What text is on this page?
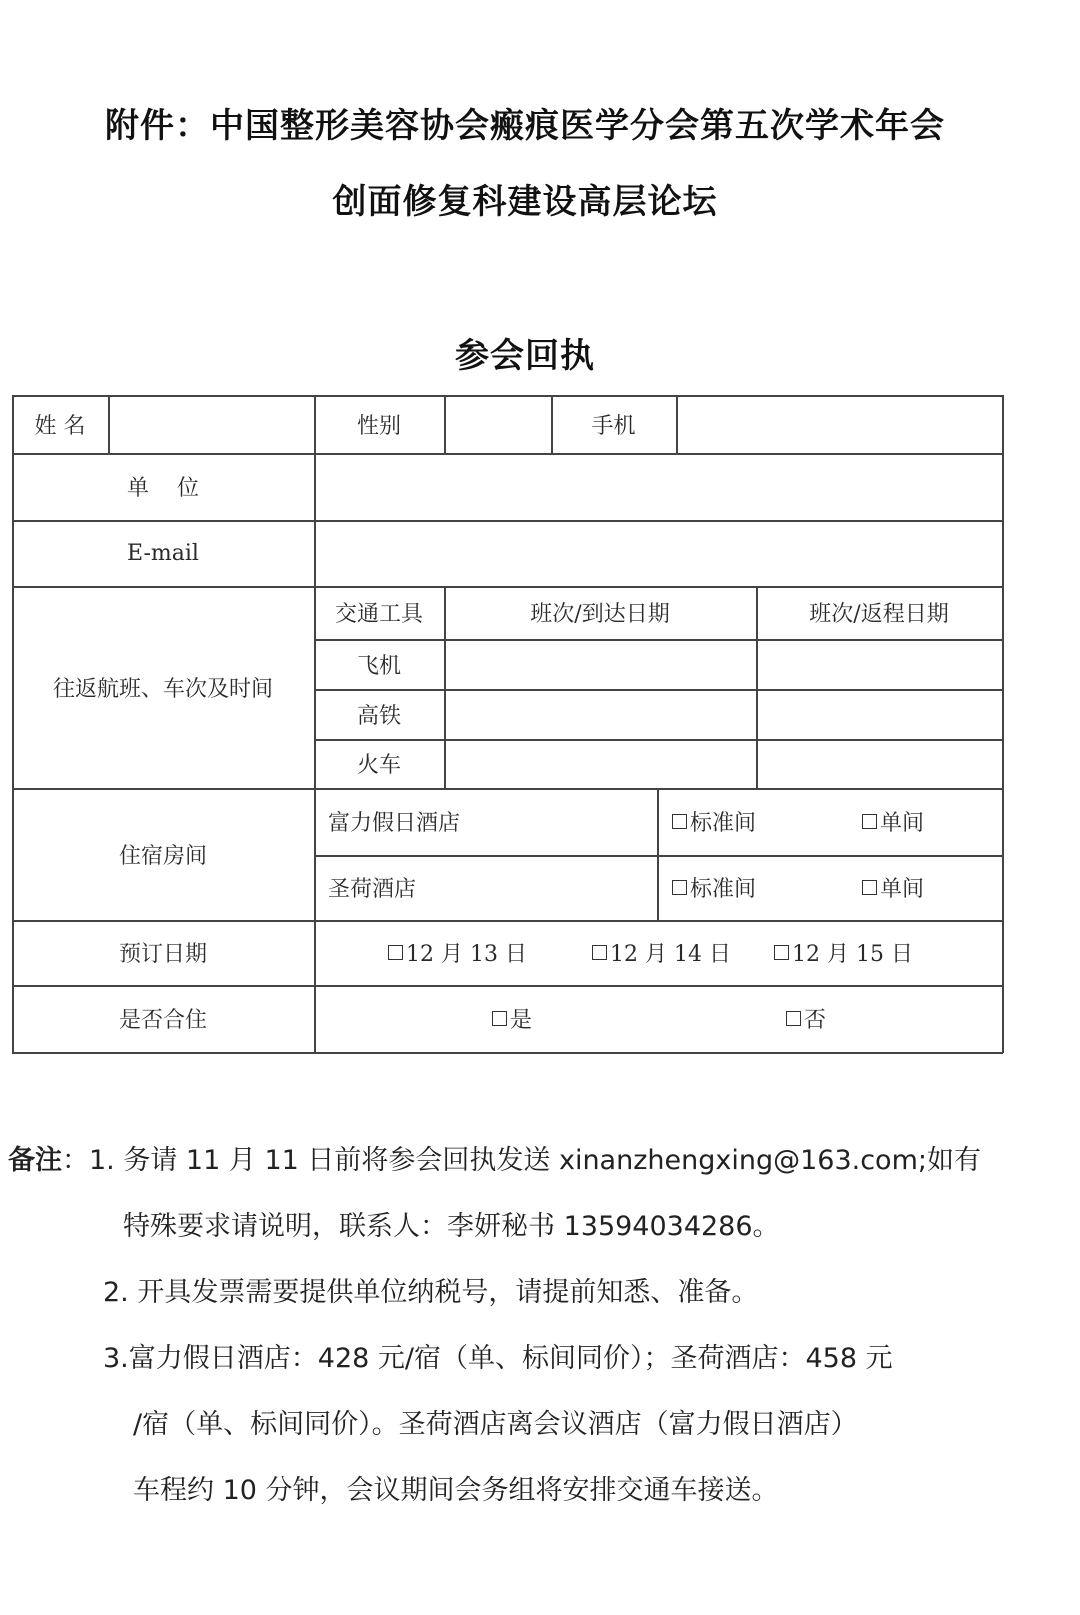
附件：中国整形美容协会瘢痕医学分会第五次学术年会
创面修复科建设高层论坛
参会回执
姓 名	性别	手机
单    位
E-mail
往返航班、车次及时间
交通工具	班次/到达日期	班次/返程日期
飞机
高铁
火车
住宿房间
富力假日酒店	标准间	单间
圣荷酒店	标准间	单间
预订日期	12 月 13 日	12 月 14 日	12 月 15 日
是否合住	是	否
备注：1. 务请 11 月 11 日前将参会回执发送 xinanzhengxing@163.com;如有
特殊要求请说明，联系人：李妍秘书 13594034286。
2. 开具发票需要提供单位纳税号，请提前知悉、准备。
3.富力假日酒店：428 元/宿（单、标间同价）；圣荷酒店：458 元
/宿（单、标间同价）。圣荷酒店离会议酒店（富力假日酒店）
车程约 10 分钟，会议期间会务组将安排交通车接送。
